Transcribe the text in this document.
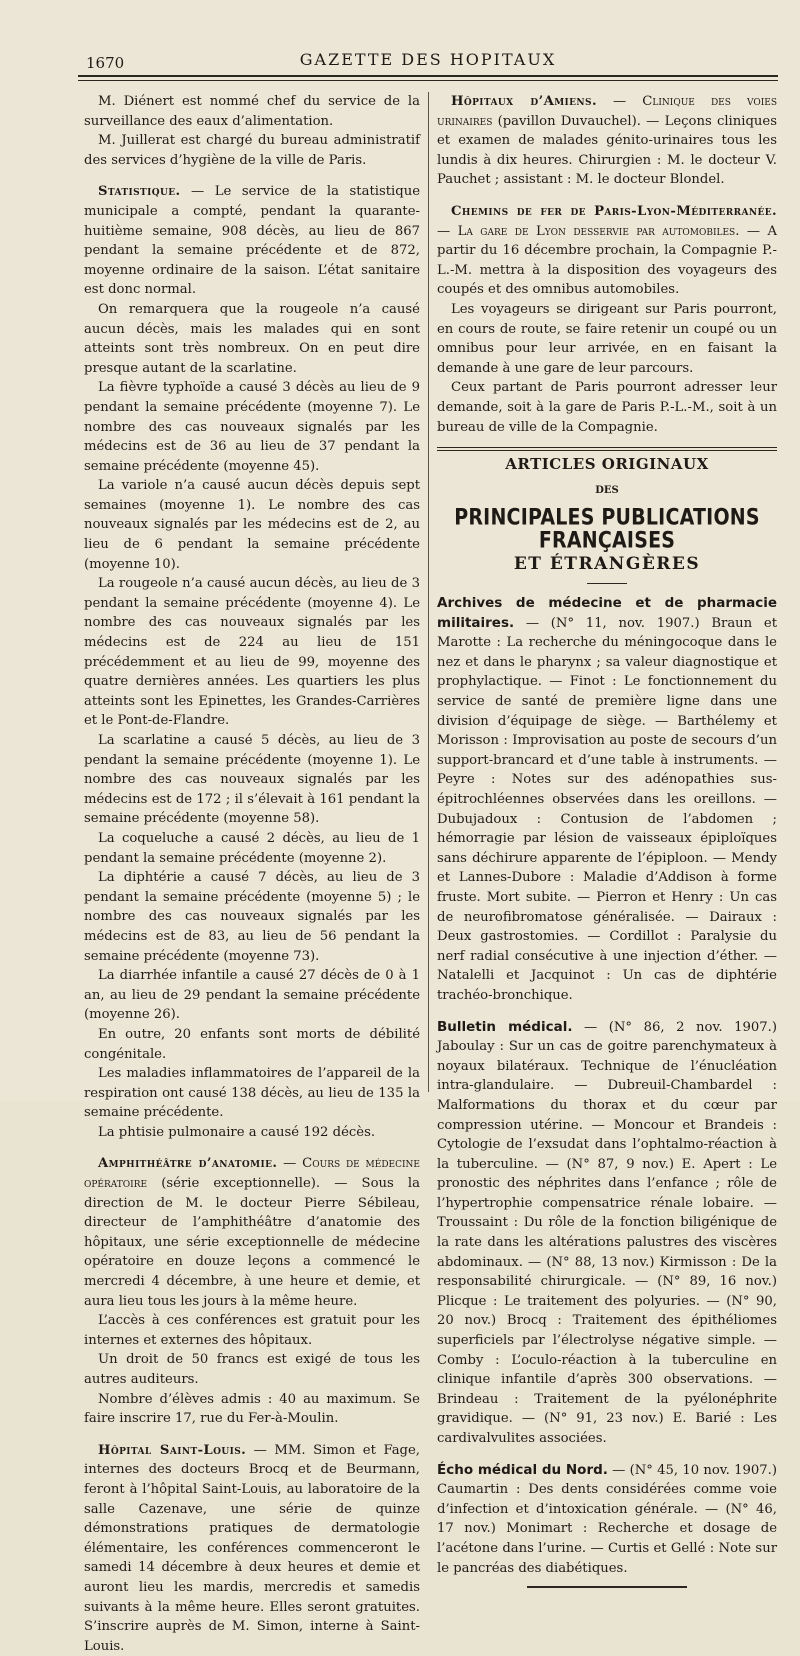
1670	GAZETTE DES HOPITAUX

M. Diénert est nommé chef du service de la surveillance des eaux d’alimentation.

M. Juillerat est chargé du bureau administratif des services d’hygiène de la ville de Paris.

Statistique. — Le service de la statistique municipale a compté, pendant la quarante-huitième semaine, 908 décès, au lieu de 867 pendant la semaine précédente et de 872, moyenne ordinaire de la saison. L’état sanitaire est donc normal.

On remarquera que la rougeole n’a causé aucun décès, mais les malades qui en sont atteints sont très nombreux. On en peut dire presque autant de la scarlatine.

La fièvre typhoïde a causé 3 décès au lieu de 9 pendant la semaine précédente (moyenne 7). Le nombre des cas nouveaux signalés par les médecins est de 36 au lieu de 37 pendant la semaine précédente (moyenne 45).

La variole n’a causé aucun décès depuis sept semaines (moyenne 1). Le nombre des cas nouveaux signalés par les médecins est de 2, au lieu de 6 pendant la semaine précédente (moyenne 10).

La rougeole n’a causé aucun décès, au lieu de 3 pendant la semaine précédente (moyenne 4). Le nombre des cas nouveaux signalés par les médecins est de 224 au lieu de 151 précédemment et au lieu de 99, moyenne des quatre dernières années. Les quartiers les plus atteints sont les Epinettes, les Grandes-Carrières et le Pont-de-Flandre.

La scarlatine a causé 5 décès, au lieu de 3 pendant la semaine précédente (moyenne 1). Le nombre des cas nouveaux signalés par les médecins est de 172 ; il s’élevait à 161 pendant la semaine précédente (moyenne 58).

La coqueluche a causé 2 décès, au lieu de 1 pendant la semaine précédente (moyenne 2).

La diphtérie a causé 7 décès, au lieu de 3 pendant la semaine précédente (moyenne 5) ; le nombre des cas nouveaux signalés par les médecins est de 83, au lieu de 56 pendant la semaine précédente (moyenne 73).

La diarrhée infantile a causé 27 décès de 0 à 1 an, au lieu de 29 pendant la semaine précédente (moyenne 26).

En outre, 20 enfants sont morts de débilité congénitale.

Les maladies inflammatoires de l’appareil de la respiration ont causé 138 décès, au lieu de 135 la semaine précédente.

La phtisie pulmonaire a causé 192 décès.

Amphithéâtre d’anatomie. — Cours de médecine opératoire (série exceptionnelle). — Sous la direction de M. le docteur Pierre Sébileau, directeur de l’amphithéâtre d’anatomie des hôpitaux, une série exceptionnelle de médecine opératoire en douze leçons a commencé le mercredi 4 décembre, à une heure et demie, et aura lieu tous les jours à la même heure.

L’accès à ces conférences est gratuit pour les internes et externes des hôpitaux.

Un droit de 50 francs est exigé de tous les autres auditeurs.

Nombre d’élèves admis : 40 au maximum. Se faire inscrire 17, rue du Fer-à-Moulin.

Hôpital Saint-Louis. — MM. Simon et Fage, internes des docteurs Brocq et de Beurmann, feront à l’hôpital Saint-Louis, au laboratoire de la salle Cazenave, une série de quinze démonstrations pratiques de dermatologie élémentaire, les conférences commenceront le samedi 14 décembre à deux heures et demie et auront lieu les mardis, mercredis et samedis suivants à la même heure. Elles seront gratuites. S’inscrire auprès de M. Simon, interne à Saint-Louis.

Hôpitaux d’Amiens. — Clinique des voies urinaires (pavillon Duvauchel). — Leçons cliniques et examen de malades génito-urinaires tous les lundis à dix heures. Chirurgien : M. le docteur V. Pauchet ; assistant : M. le docteur Blondel.

Chemins de fer de Paris-Lyon-Méditerranée. — La gare de Lyon desservie par automobiles. — A partir du 16 décembre prochain, la Compagnie P.-L.-M. mettra à la disposition des voyageurs des coupés et des omnibus automobiles.

Les voyageurs se dirigeant sur Paris pourront, en cours de route, se faire retenir un coupé ou un omnibus pour leur arrivée, en en faisant la demande à une gare de leur parcours.

Ceux partant de Paris pourront adresser leur demande, soit à la gare de Paris P.-L.-M., soit à un bureau de ville de la Compagnie.

ARTICLES ORIGINAUX
DES
PRINCIPALES PUBLICATIONS FRANÇAISES
ET ÉTRANGÈRES

Archives de médecine et de pharmacie militaires. — (N° 11, nov. 1907.) Braun et Marotte : La recherche du méningocoque dans le nez et dans le pharynx ; sa valeur diagnostique et prophylactique. — Finot : Le fonctionnement du service de santé de première ligne dans une division d’équipage de siège. — Barthélemy et Morisson : Improvisation au poste de secours d’un support-brancard et d’une table à instruments. — Peyre : Notes sur des adénopathies sus-épitrochléennes observées dans les oreillons. — Dubujadoux : Contusion de l’abdomen ; hémorragie par lésion de vaisseaux épiploïques sans déchirure apparente de l’épiploon. — Mendy et Lannes-Dubore : Maladie d’Addison à forme fruste. Mort subite. — Pierron et Henry : Un cas de neurofibromatose généralisée. — Dairaux : Deux gastrostomies. — Cordillot : Paralysie du nerf radial consécutive à une injection d’éther. — Natalelli et Jacquinot : Un cas de diphtérie trachéo-bronchique.

Bulletin médical. — (N° 86, 2 nov. 1907.) Jaboulay : Sur un cas de goitre parenchymateux à noyaux bilatéraux. Technique de l’énucléation intra-glandulaire. — Dubreuil-Chambardel : Malformations du thorax et du cœur par compression utérine. — Moncour et Brandeis : Cytologie de l’exsudat dans l’ophtalmo-réaction à la tuberculine. — (N° 87, 9 nov.) E. Apert : Le pronostic des néphrites dans l’enfance ; rôle de l’hypertrophie compensatrice rénale lobaire. — Troussaint : Du rôle de la fonction biligénique de la rate dans les altérations palustres des viscères abdominaux. — (N° 88, 13 nov.) Kirmisson : De la responsabilité chirurgicale. — (N° 89, 16 nov.) Plicque : Le traitement des polyuries. — (N° 90, 20 nov.) Brocq : Traitement des épithéliomes superficiels par l’électrolyse négative simple. — Comby : L’oculo-réaction à la tuberculine en clinique infantile d’après 300 observations. — Brindeau : Traitement de la pyélonéphrite gravidique. — (N° 91, 23 nov.) E. Barié : Les cardivalvulites associées.

Écho médical du Nord. — (N° 45, 10 nov. 1907.) Caumartin : Des dents considérées comme voie d’infection et d’intoxication générale. — (N° 46, 17 nov.) Monimart : Recherche et dosage de l’acétone dans l’urine. — Curtis et Gellé : Note sur le pancréas des diabétiques.
